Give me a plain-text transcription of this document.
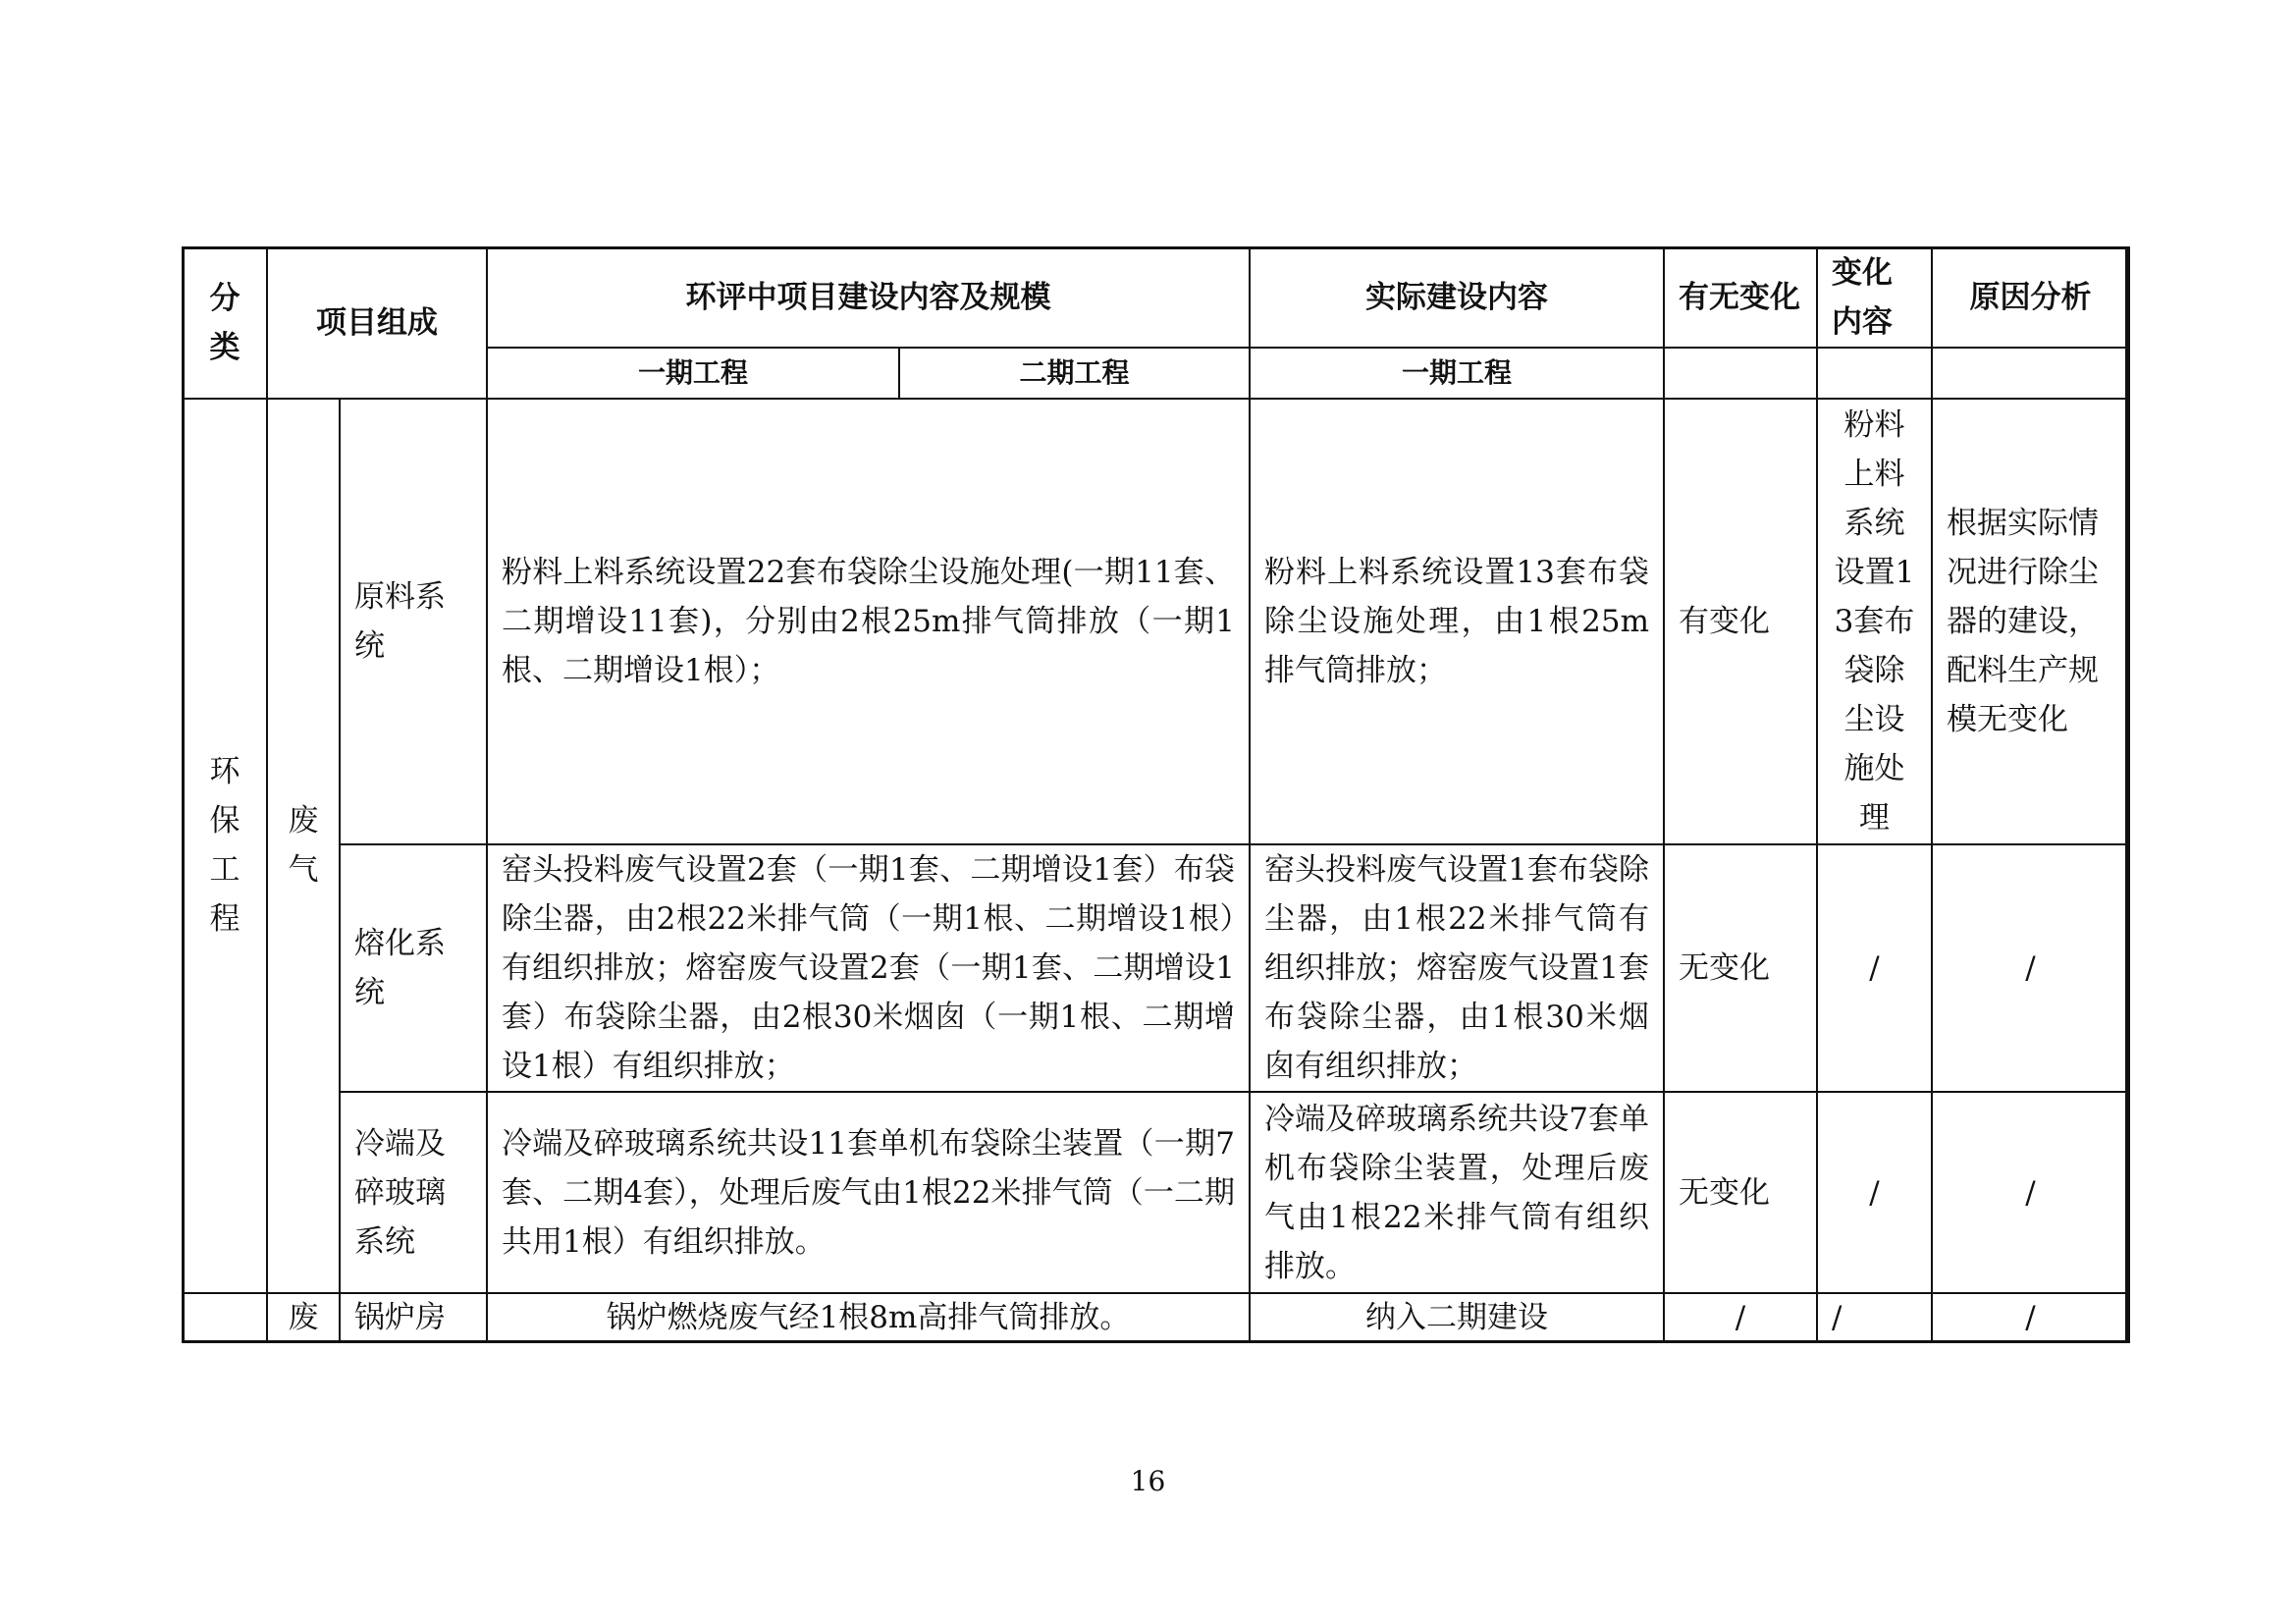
分类	项目组成		环评中项目建设内容及规模		实际建设内容	有无变化	变化内容	原因分析
			一期工程	二期工程	一期工程			
环保工程	废气	原料系统	粉料上料系统设置22套布袋除尘设施处理(一期11套、二期增设11套)，分别由2根25m排气筒排放（一期1根、二期增设1根）；		粉料上料系统设置13套布袋除尘设施处理，由1根25m排气筒排放；	有变化	粉料上料系统设置13套布袋除尘设施处理	根据实际情况进行除尘器的建设，配料生产规模无变化
		熔化系统	窑头投料废气设置2套（一期1套、二期增设1套）布袋除尘器，由2根22米排气筒（一期1根、二期增设1根）有组织排放；熔窑废气设置2套（一期1套、二期增设1套）布袋除尘器，由2根30米烟囱（一期1根、二期增设1根）有组织排放；		窑头投料废气设置1套布袋除尘器，由1根22米排气筒有组织排放；熔窑废气设置1套布袋除尘器，由1根30米烟囱有组织排放；	无变化	/	/
		冷端及碎玻璃系统	冷端及碎玻璃系统共设11套单机布袋除尘装置（一期7套、二期4套），处理后废气由1根22米排气筒（一二期共用1根）有组织排放。		冷端及碎玻璃系统共设7套单机布袋除尘装置，处理后废气由1根22米排气筒有组织排放。	无变化	/	/
	废	锅炉房	锅炉燃烧废气经1根8m高排气筒排放。		纳入二期建设	/	/	/
16
